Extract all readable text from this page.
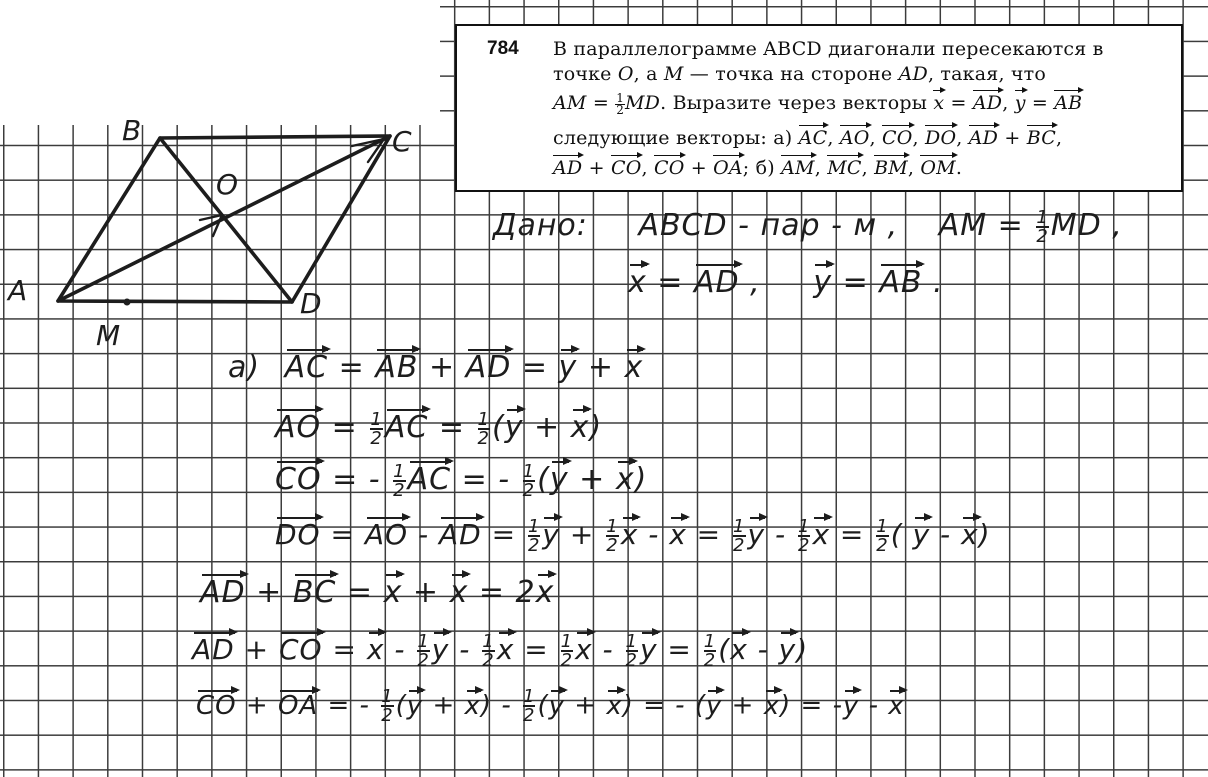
784 В параллелограмме ABCD диагонали пересекаются в
точке O, а M — точка на стороне AD, такая, что
AM = $\frac{1}{2}$ MD. Выразите через векторы x = AD, y = AB
следующие векторы: а) AC, AO, CO, DO, AD + BC,
AD + CO, CO + OA; б) AM, MC, BM, OM.
A
B	C
D
O
M
Дано: ABCD - пар - м , AM = $\frac{1}{2}$ MD ,
x = AD ,     y = AB .
а) AC = AB + AD = y + x
AO = $\frac{1}{2}$ AC = $\frac{1}{2} (y + x)$
CO = - $\frac{1}{2}$ AC = - $\frac{1}{2} (y + x)$
DO = AO - AD = $\frac{1}{2}$ $y + \frac{1}{2}$ $x - x = \frac{1}{2}$ y - $\frac{1}{2}$ $x = \frac{1}{2}$ ( y - x)
AD + BC = x + x = 2x
AD + CO = x - $\frac{1}{2}$ y - $\frac{1}{2}$ $x = \frac{1}{2}$ x - $\frac{1}{2}$ $y = \frac{1}{2} (x - y)$
CO + OA = - $\frac{1}{2} (y + x) - \frac{1}{2} (y + x)$ = - (y + x) = -y - x
